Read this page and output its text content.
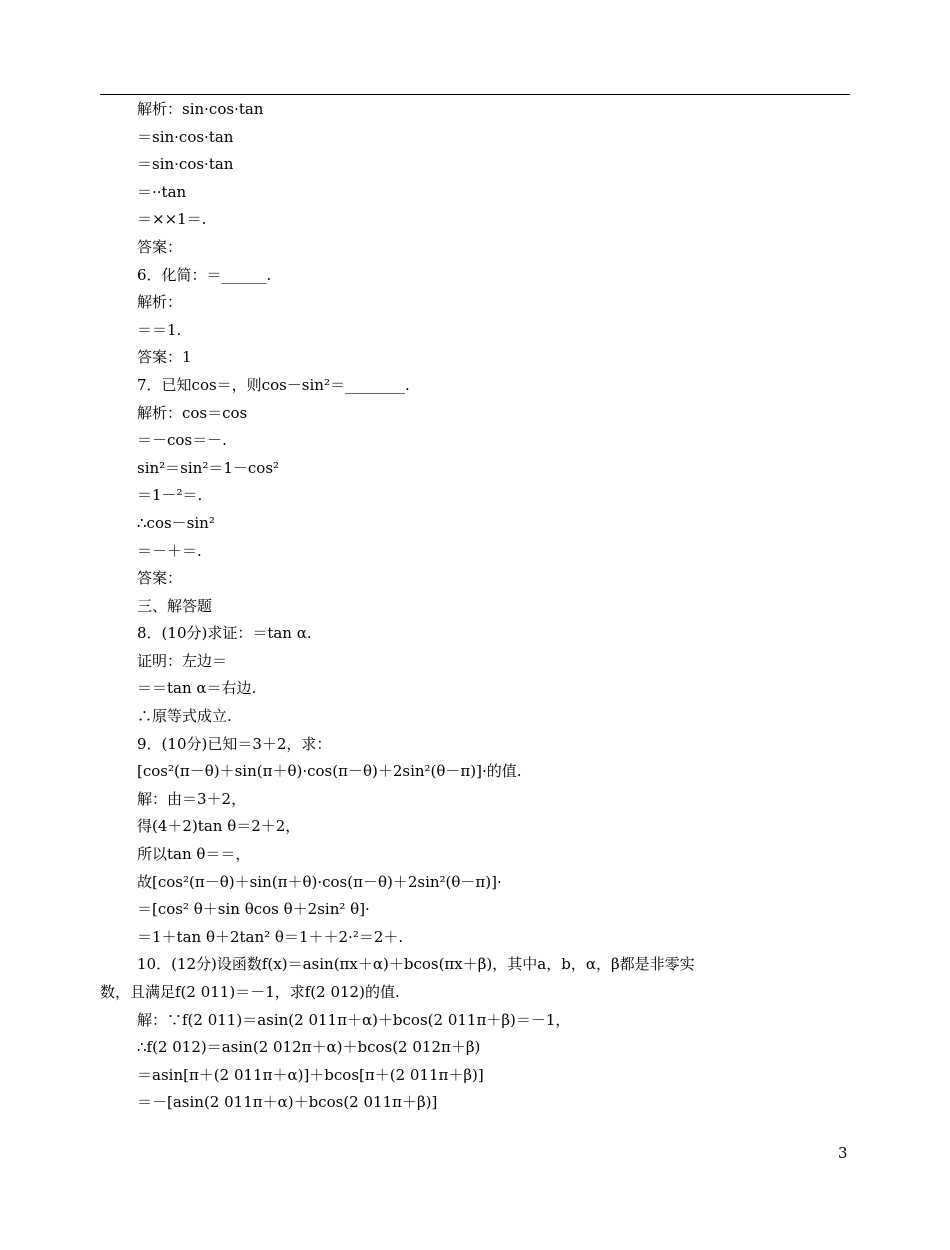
解析：sin·cos·tan
＝sin·cos·tan
＝sin·cos·tan
＝··tan
＝××1＝.
答案：
6．化简：＝______.
解析：
＝＝1.
答案：1
7．已知cos＝，则cos－sin²＝________.
解析：cos＝cos
＝－cos＝－.
sin²＝sin²＝1－cos²
＝1－²＝.
∴cos－sin²
＝－＋＝.
答案：
三、解答题
8．(10分)求证：＝tan α.
证明：左边＝
＝＝tan α＝右边.
∴原等式成立.
9．(10分)已知＝3＋2，求：
[cos²(π－θ)＋sin(π＋θ)·cos(π－θ)＋2sin²(θ－π)]·的值.
解：由＝3＋2，
得(4＋2)tan θ＝2＋2，
所以tan θ＝＝，
故[cos²(π－θ)＋sin(π＋θ)·cos(π－θ)＋2sin²(θ－π)]·
＝[cos² θ＋sin θcos θ＋2sin² θ]·
＝1＋tan θ＋2tan² θ＝1＋＋2·²＝2＋.
10．(12分)设函数f(x)＝asin(πx＋α)＋bcos(πx＋β)，其中a，b，α，β都是非零实
数，且满足f(2 011)＝－1，求f(2 012)的值.
解：∵f(2 011)＝asin(2 011π＋α)＋bcos(2 011π＋β)＝－1，
∴f(2 012)＝asin(2 012π＋α)＋bcos(2 012π＋β)
＝asin[π＋(2 011π＋α)]＋bcos[π＋(2 011π＋β)]
＝－[asin(2 011π＋α)＋bcos(2 011π＋β)]
3
